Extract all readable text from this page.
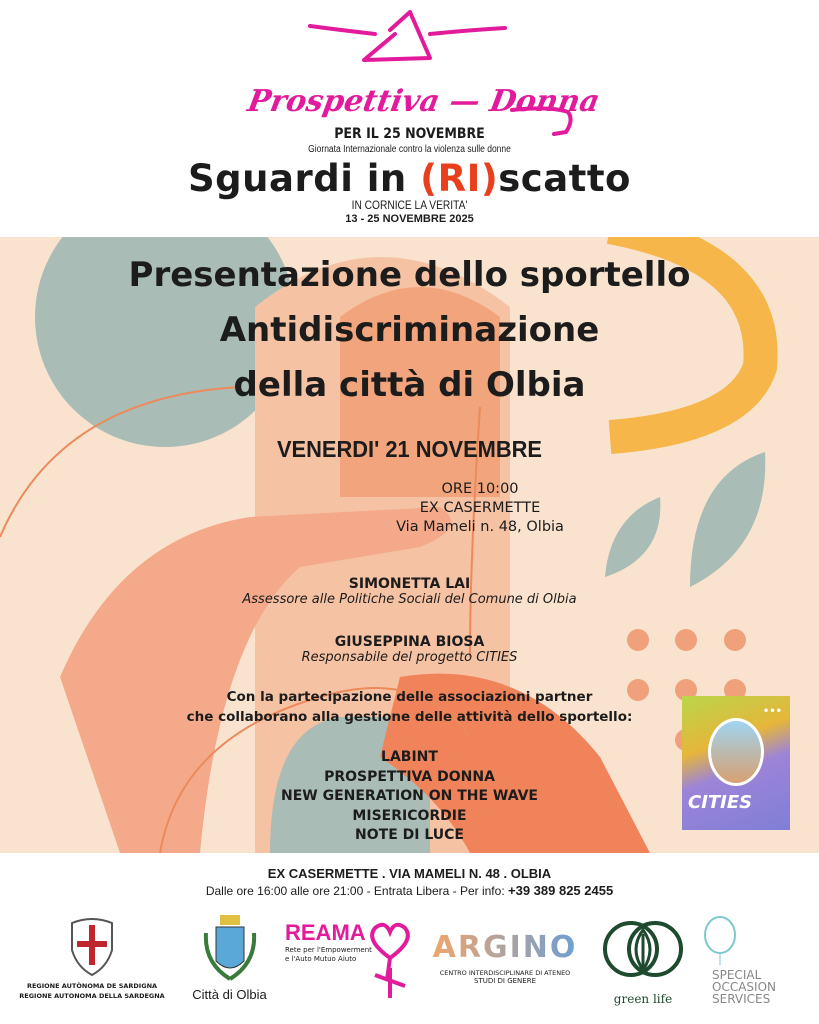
Prospettiva — Donna
PER IL 25 NOVEMBRE
Giornata Internazionale contro la violenza sulle donne
Sguardi in (RI)scatto
IN CORNICE LA VERITA'
13 - 25 NOVEMBRE 2025
Presentazione dello sportello
Antidiscriminazione
della città di Olbia
VENERDI' 21 NOVEMBRE
ORE 10:00
EX CASERMETTE
Via Mameli n. 48, Olbia
SIMONETTA LAI
Assessore alle Politiche Sociali del Comune di Olbia
GIUSEPPINA BIOSA
Responsabile del progetto CITIES
Con la partecipazione delle associazioni partner
che collaborano alla gestione delle attività dello sportello:
LABINT
PROSPETTIVA DONNA
NEW GENERATION ON THE WAVE
MISERICORDIE
NOTE DI LUCE
•••
CITIES
EX CASERMETTE . VIA MAMELI N. 48 . OLBIA
Dalle ore 16:00 alle ore 21:00 - Entrata Libera - Per info: +39 389 825 2455
REGIONE AUTÒNOMA DE SARDIGNA
REGIONE AUTONOMA DELLA SARDEGNA	Città di Olbia
REAMA
Rete per l'Empowerment
e l'Auto Mutuo Aiuto	ARGINO
CENTRO INTERDISCIPLINARE DI ATENEO
STUDI DI GENERE
green life
SPECIAL
OCCASION
SERVICES
